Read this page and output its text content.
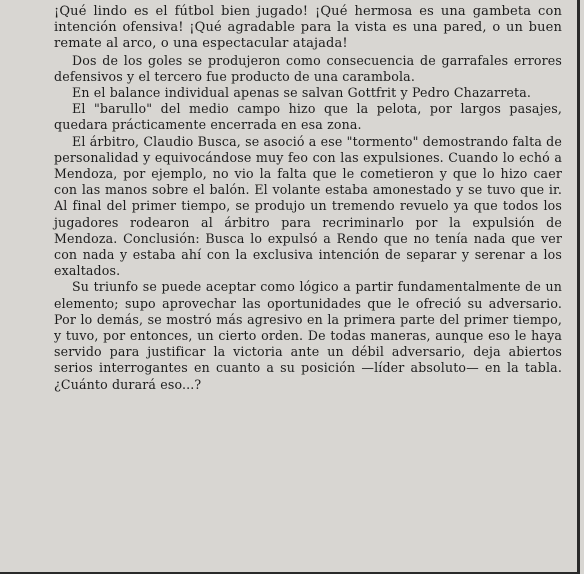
¡Qué lindo es el fútbol bien jugado! ¡Qué hermosa es una gambeta con intención ofensiva! ¡Qué agradable para la vista es una pared, o un buen remate al arco, o una espectacular atajada!

Dos de los goles se produjeron como consecuencia de garrafales errores defensivos y el tercero fue producto de una carambola.

En el balance individual apenas se salvan Gottfrit y Pedro Chazarreta.

El "barullo" del medio campo hizo que la pelota, por largos pasajes, quedara prácticamente encerrada en esa zona.

El árbitro, Claudio Busca, se asoció a ese "tormento" demostrando falta de personalidad y equivocándose muy feo con las expulsiones. Cuando lo echó a Mendoza, por ejemplo, no vio la falta que le cometieron y que lo hizo caer con las manos sobre el balón. El volante estaba amonestado y se tuvo que ir. Al final del primer tiempo, se produjo un tremendo revuelo ya que todos los jugadores rodearon al árbitro para recriminarlo por la expulsión de Mendoza. Conclusión: Busca lo expulsó a Rendo que no tenía nada que ver con nada y estaba ahí con la exclusiva intención de separar y serenar a los exaltados.

Su triunfo se puede aceptar como lógico a partir fundamentalmente de un elemento; supo aprovechar las oportunidades que le ofreció su adversario. Por lo demás, se mostró más agresivo en la primera parte del primer tiempo, y tuvo, por entonces, un cierto orden. De todas maneras, aunque eso le haya servido para justificar la victoria ante un débil adversario, deja abiertos serios interrogantes en cuanto a su posición —líder absoluto— en la tabla. ¿Cuánto durará eso...?
